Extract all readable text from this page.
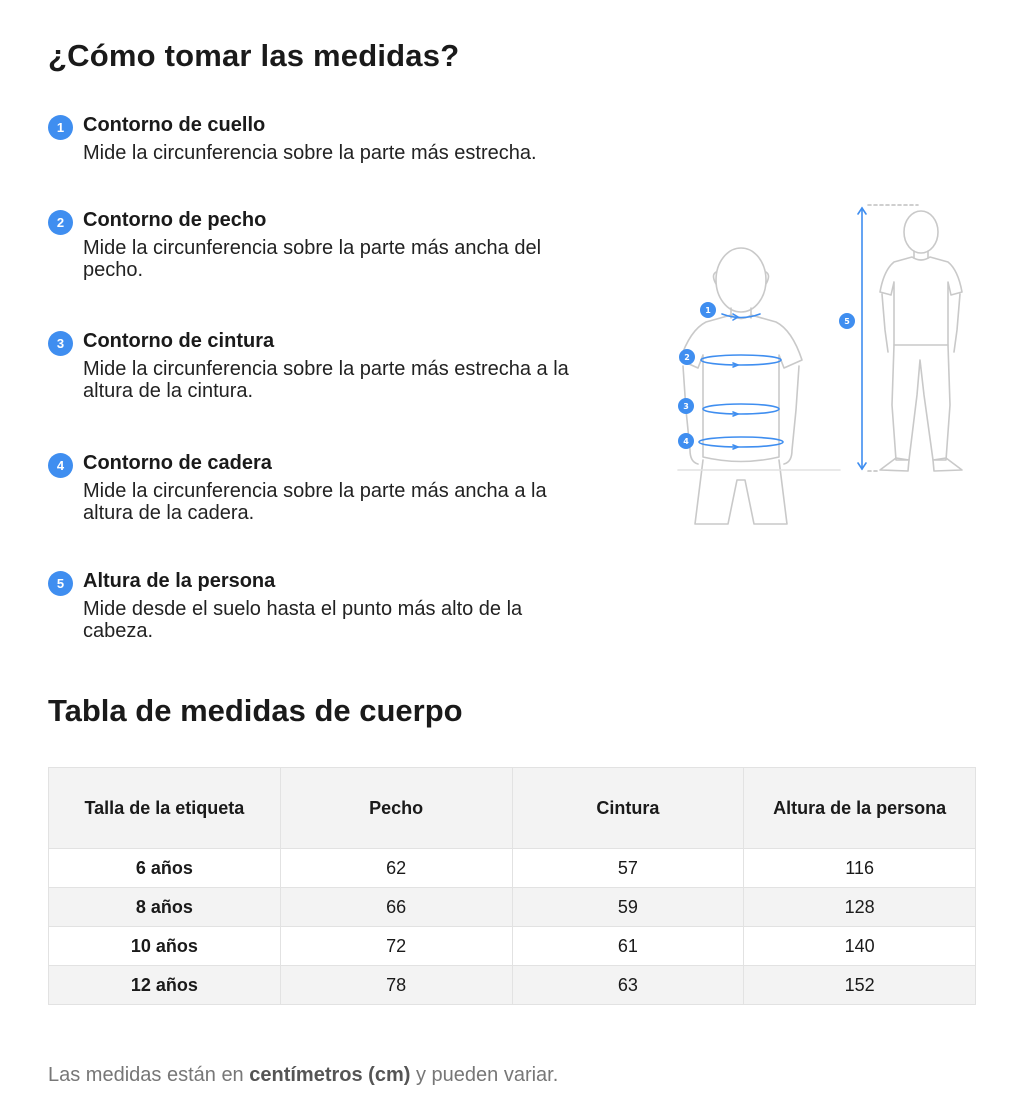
¿Cómo tomar las medidas?
1 Contorno de cuello
Mide la circunferencia sobre la parte más estrecha.
2 Contorno de pecho
Mide la circunferencia sobre la parte más ancha del pecho.
3 Contorno de cintura
Mide la circunferencia sobre la parte más estrecha a la altura de la cintura.
4 Contorno de cadera
Mide la circunferencia sobre la parte más ancha a la altura de la cadera.
5 Altura de la persona
Mide desde el suelo hasta el punto más alto de la cabeza.
1
2
3
4
5
Tabla de medidas de cuerpo
Talla de la etiqueta	Pecho	Cintura	Altura de la persona
6 años	62	57	116
8 años	66	59	128
10 años	72	61	140
12 años	78	63	152

Las medidas están en centímetros (cm) y pueden variar.
